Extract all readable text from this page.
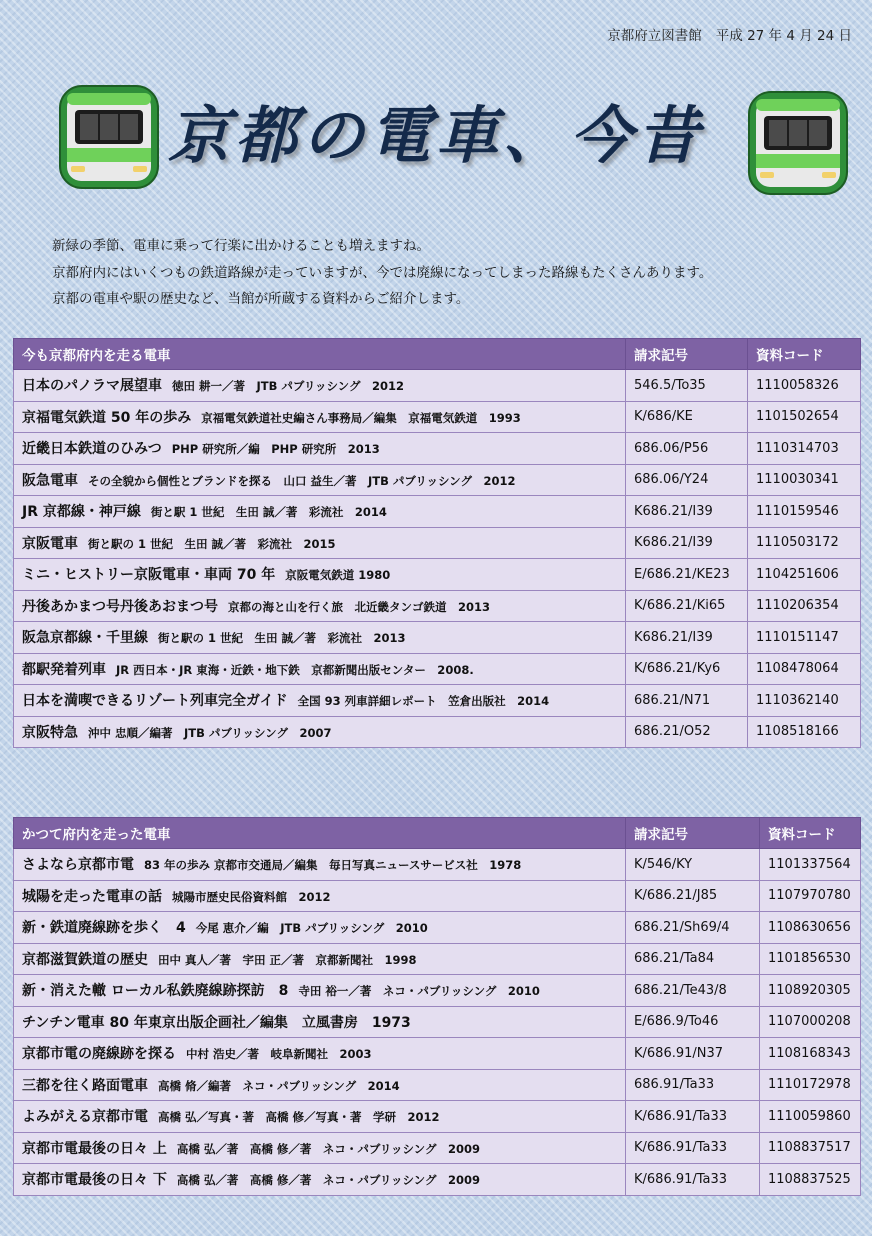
京都府立図書館 平成 27 年 4 月 24 日
京都の電車、今昔

新緑の季節、電車に乗って行楽に出かけることも増えますね。

京都府内にはいくつもの鉄道路線が走っていますが、今では廃線になってしまった路線もたくさんあります。

京都の電車や駅の歴史など、当館が所蔵する資料からご紹介します。

今も京都府内を走る電車	請求記号	資料コード
日本のパノラマ展望車 徳田 耕一／著　JTB パブリッシング　2012	546.5/To35	1110058326
京福電気鉄道 50 年の歩み 京福電気鉄道社史編さん事務局／編集　京福電気鉄道　1993	K/686/KE	1101502654
近畿日本鉄道のひみつ PHP 研究所／編　PHP 研究所　2013	686.06/P56	1110314703
阪急電車 その全貌から個性とブランドを探る　山口 益生／著　JTB パブリッシング　2012	686.06/Y24	1110030341
JR 京都線・神戸線 街と駅 1 世紀　生田 誠／著　彩流社　2014	K686.21/I39	1110159546
京阪電車 街と駅の 1 世紀　生田 誠／著　彩流社　2015	K686.21/I39	1110503172
ミニ・ヒストリー京阪電車・車両 70 年 京阪電気鉄道 1980	E/686.21/KE23	1104251606
丹後あかまつ号丹後あおまつ号 京都の海と山を行く旅　北近畿タンゴ鉄道　2013	K/686.21/Ki65	1110206354
阪急京都線・千里線 街と駅の 1 世紀　生田 誠／著　彩流社　2013	K686.21/I39	1110151147
都駅発着列車 JR 西日本・JR 東海・近鉄・地下鉄　京都新聞出版センター　2008.	K/686.21/Ky6	1108478064
日本を満喫できるリゾート列車完全ガイド 全国 93 列車詳細レポート　笠倉出版社　2014	686.21/N71	1110362140
京阪特急 沖中 忠順／編著　JTB パブリッシング　2007	686.21/O52	1108518166
かつて府内を走った電車	請求記号	資料コード
さよなら京都市電 83 年の歩み 京都市交通局／編集　毎日写真ニュースサービス社　1978	K/546/KY	1101337564
城陽を走った電車の話 城陽市歴史民俗資料館　2012	K/686.21/J85	1107970780
新・鉄道廃線跡を歩く　4 今尾 恵介／編　JTB パブリッシング　2010	686.21/Sh69/4	1108630656
京都滋賀鉄道の歴史 田中 真人／著　宇田 正／著　京都新聞社　1998	686.21/Ta84	1101856530
新・消えた轍 ローカル私鉄廃線跡探訪　8 寺田 裕一／著　ネコ・パブリッシング　2010	686.21/Te43/8	1108920305
チンチン電車 80 年東京出版企画社／編集　立風書房　1973	E/686.9/To46	1107000208
京都市電の廃線跡を探る 中村 浩史／著　岐阜新聞社　2003	K/686.91/N37	1108168343
三都を往く路面電車 高橋 脩／編著　ネコ・パブリッシング　2014	686.91/Ta33	1110172978
よみがえる京都市電 高橋 弘／写真・著　高橋 修／写真・著　学研　2012	K/686.91/Ta33	1110059860
京都市電最後の日々 上 高橋 弘／著　高橋 修／著　ネコ・パブリッシング　2009	K/686.91/Ta33	1108837517
京都市電最後の日々 下 高橋 弘／著　高橋 修／著　ネコ・パブリッシング　2009	K/686.91/Ta33	1108837525
